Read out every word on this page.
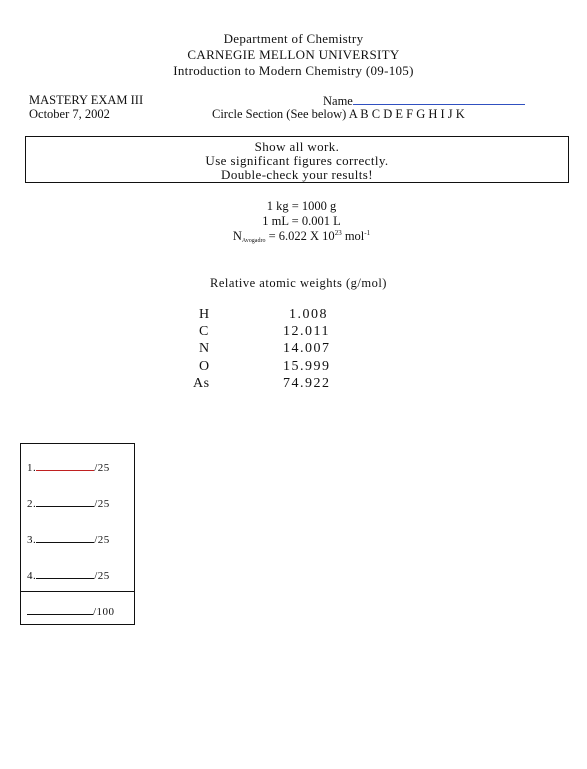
Department of Chemistry
CARNEGIE MELLON UNIVERSITY
Introduction to Modern Chemistry (09-105)
MASTERY EXAM III
October 7, 2002
Name
Circle Section (See below) A B C D E F G H I J K
Show all work.
Use significant figures correctly.
Double-check your results!
1 kg = 1000 g
1 mL = 0.001 L
$N_{Avogadro} = 6.022$ X $10^{23}$ mol$^{-1}$
Relative atomic weights (g/mol)
H	1.008
C	12.011
N	14.007
O	15.999
As	74.922
1.	/25
2.	/25
3.	/25
4.	/25
/100
